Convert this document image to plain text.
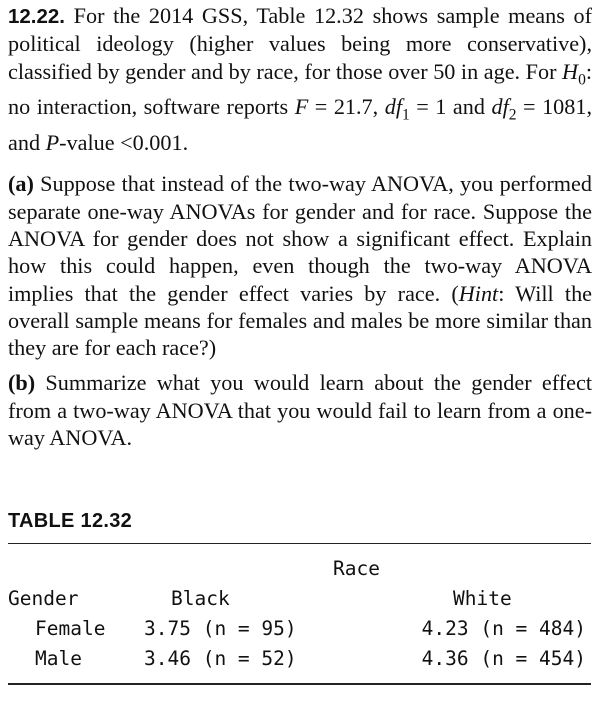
12.22. For the 2014 GSS, Table 12.32 shows sample means of political ideology (higher values being more conservative), classified by gender and by race, for those over 50 in age. For $H_0$: no interaction, software reports F = 21.7, $df_1 = 1$ and $df_2 = 1081$, and P-value <0.001.

(a) Suppose that instead of the two-way ANOVA, you performed separate one-way ANOVAs for gender and for race. Suppose the ANOVA for gender does not show a significant effect. Explain how this could happen, even though the two-way ANOVA implies that the gender effect varies by race. (Hint: Will the overall sample means for females and males be more similar than they are for each race?)

(b) Summarize what you would learn about the gender effect from a two-way ANOVA that you would fail to learn from a one-way ANOVA.

TABLE 12.32
Race
Gender	Black	White
Female 3.75 (n = 95)	4.23 (n = 484)
Male	3.46 (n = 52)	4.36 (n = 454)
